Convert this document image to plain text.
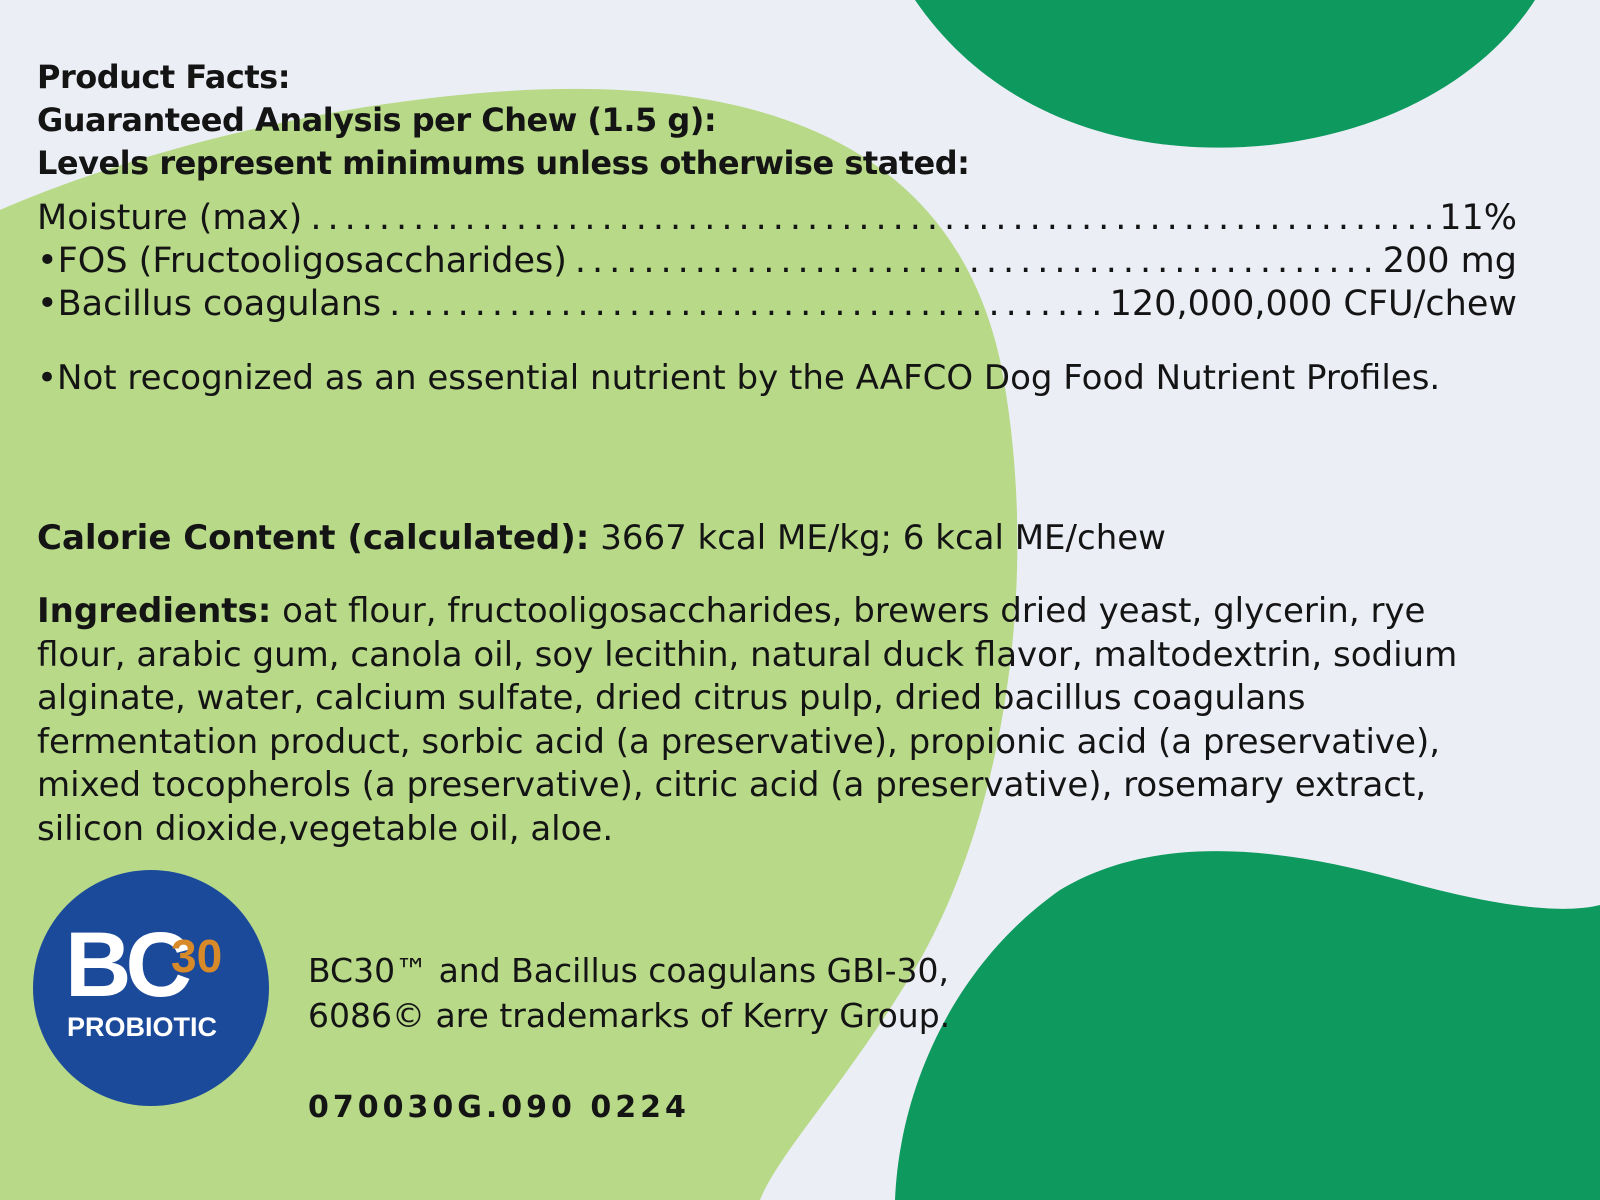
Product Facts:
Guaranteed Analysis per Chew (1.5 g):
Levels represent minimums unless otherwise stated:
Moisture (max) .....	11%
•FOS (Fructooligosaccharides) .....	200 mg
•Bacillus coagulans .....	120,000,000 CFU/chew
•Not recognized as an essential nutrient by the AAFCO Dog Food Nutrient Profiles.
Calorie Content (calculated): 3667 kcal ME/kg; 6 kcal ME/chew
Ingredients: oat flour, fructooligosaccharides, brewers dried yeast, glycerin, rye flour, arabic gum, canola oil, soy lecithin, natural duck flavor, maltodextrin, sodium alginate, water, calcium sulfate, dried citrus pulp, dried bacillus coagulans fermentation product, sorbic acid (a preservative), propionic acid (a preservative), mixed tocopherols (a preservative), citric acid (a preservative), rosemary extract, silicon dioxide,vegetable oil, aloe.
BC
30
PROBIOTIC
BC30™ and Bacillus coagulans GBI-30,
6086© are trademarks of Kerry Group.
070030G.090 0224
